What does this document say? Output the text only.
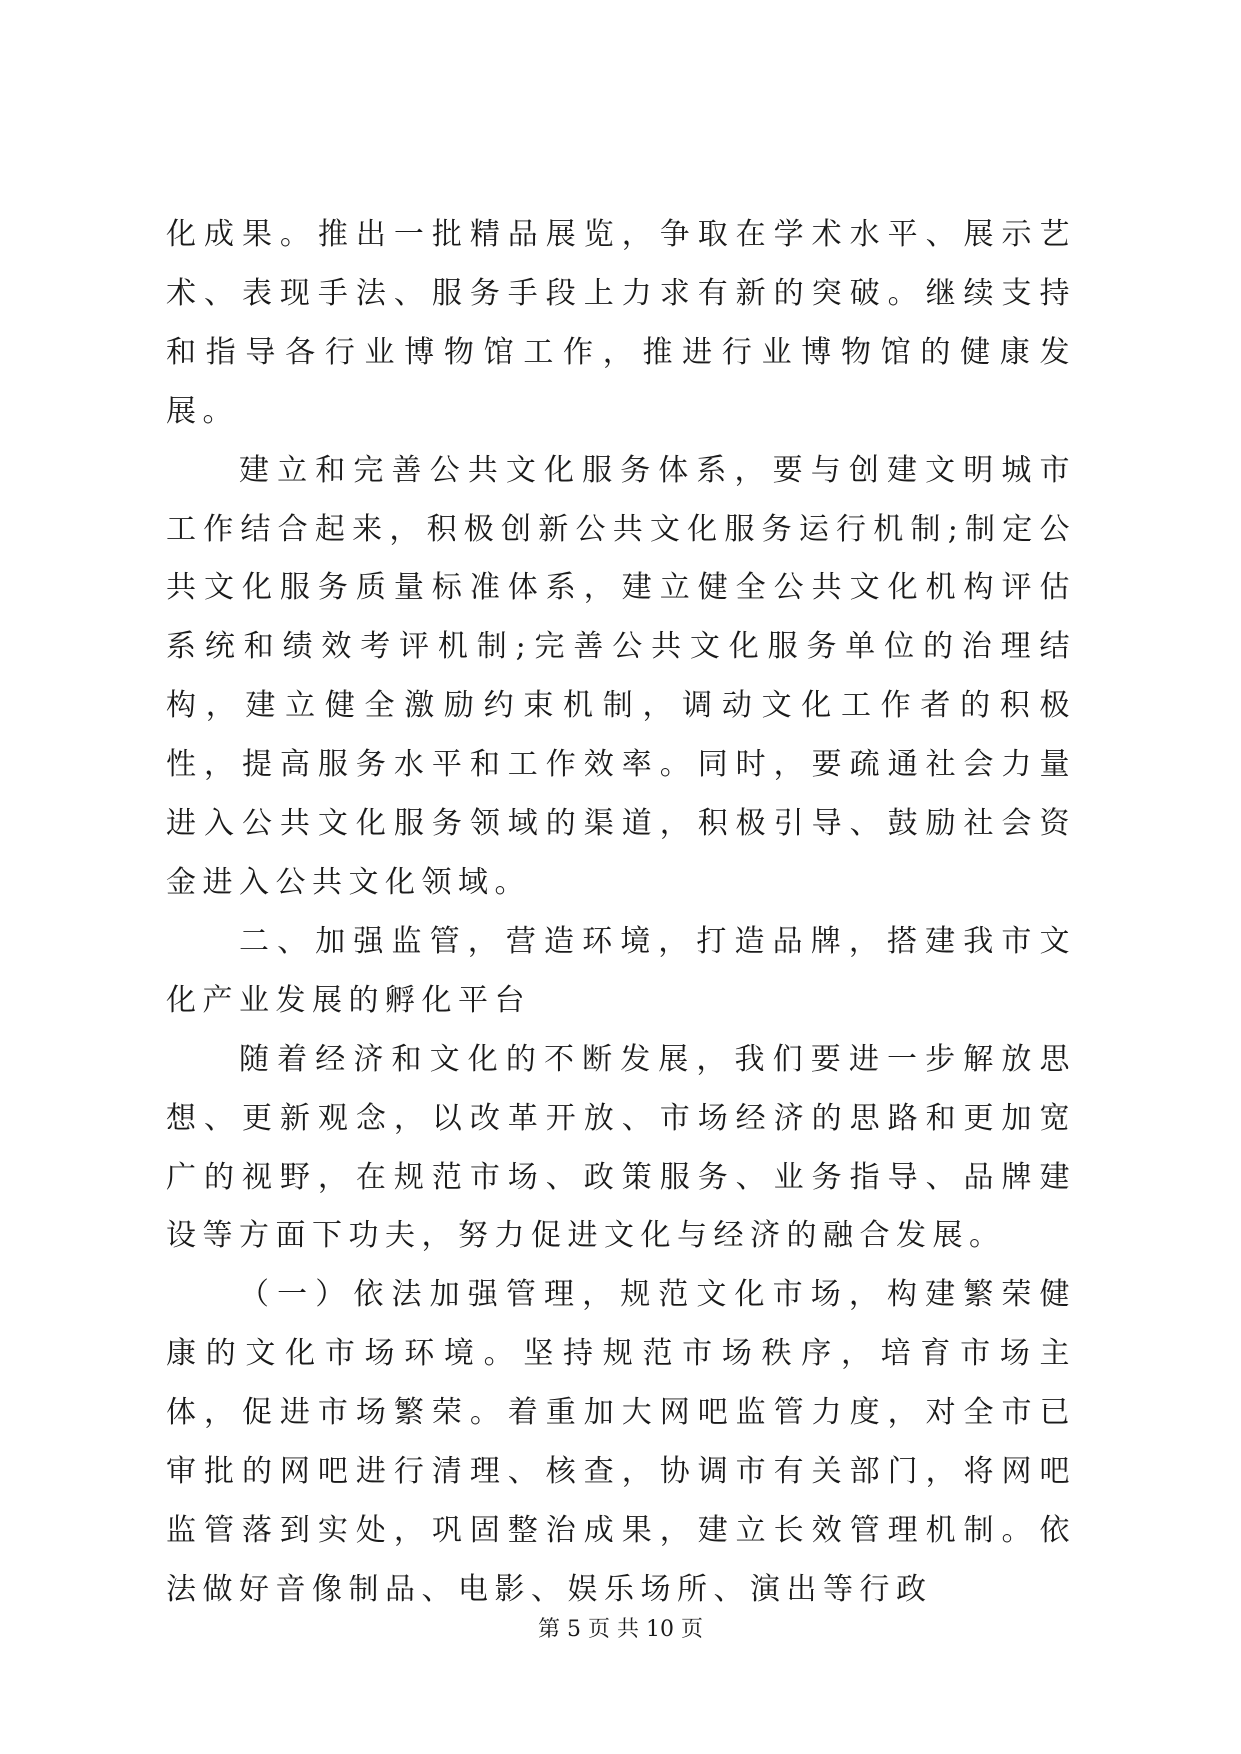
化成果。推出一批精品展览，争取在学术水平、展示艺术、表现手法、服务手段上力求有新的突破。继续支持和指导各行业博物馆工作，推进行业博物馆的健康发展。

建立和完善公共文化服务体系，要与创建文明城市工作结合起来，积极创新公共文化服务运行机制;制定公共文化服务质量标准体系，建立健全公共文化机构评估系统和绩效考评机制;完善公共文化服务单位的治理结构，建立健全激励约束机制，调动文化工作者的积极性，提高服务水平和工作效率。同时，要疏通社会力量进入公共文化服务领域的渠道，积极引导、鼓励社会资金进入公共文化领域。

二、加强监管，营造环境，打造品牌，搭建我市文化产业发展的孵化平台

随着经济和文化的不断发展，我们要进一步解放思想、更新观念，以改革开放、市场经济的思路和更加宽广的视野，在规范市场、政策服务、业务指导、品牌建设等方面下功夫，努力促进文化与经济的融合发展。

（一）依法加强管理，规范文化市场，构建繁荣健康的文化市场环境。坚持规范市场秩序，培育市场主体，促进市场繁荣。着重加大网吧监管力度，对全市已审批的网吧进行清理、核查，协调市有关部门，将网吧监管落到实处，巩固整治成果，建立长效管理机制。依法做好音像制品、电影、娱乐场所、演出等行政

第 5 页 共 10 页
